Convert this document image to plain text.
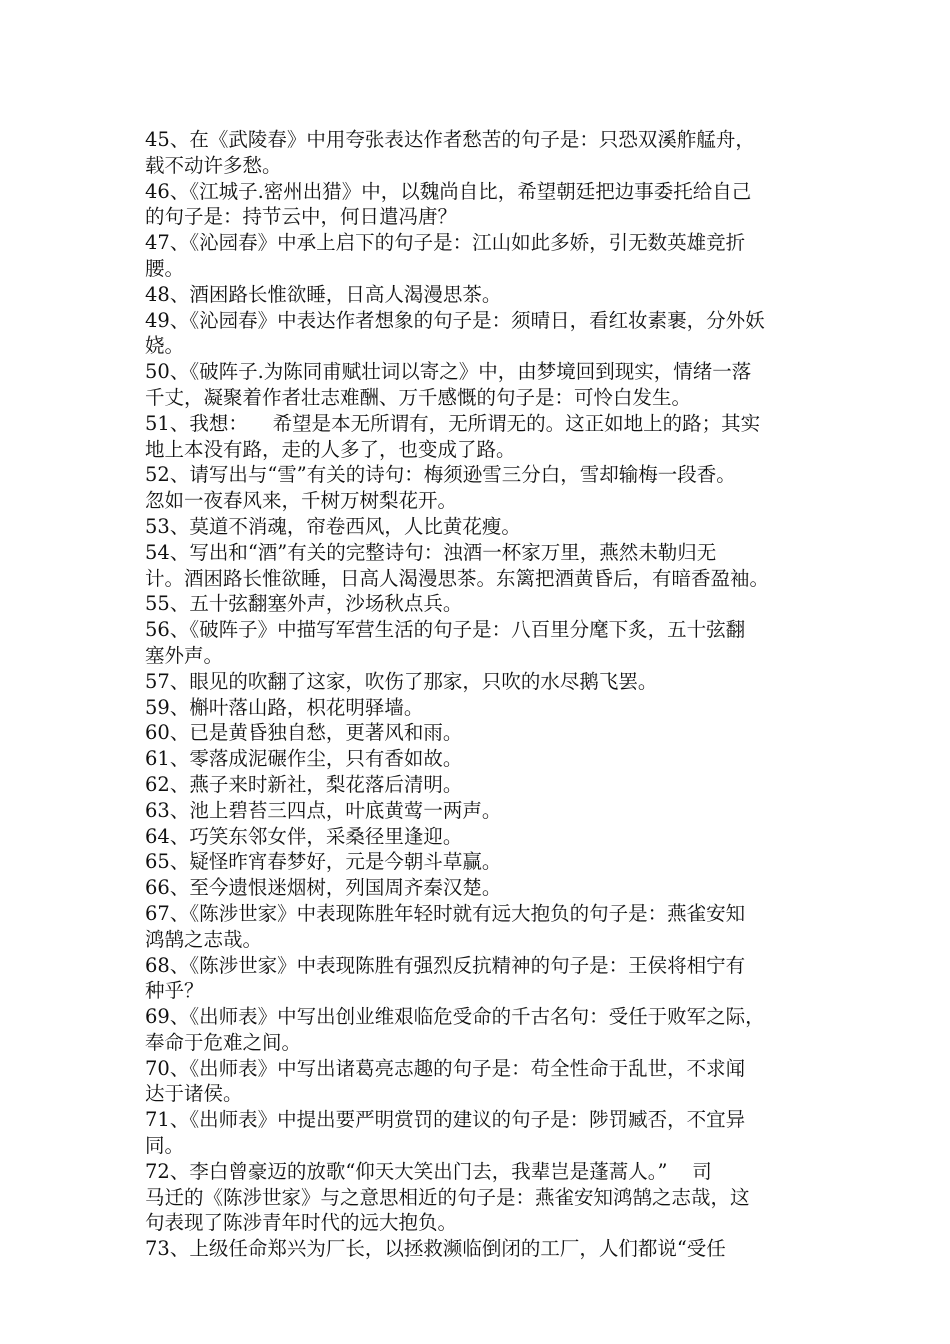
45、在《武陵春》中用夸张表达作者愁苦的句子是：只恐双溪舴艋舟，
载不动许多愁。
46、《江城子.密州出猎》中，以魏尚自比，希望朝廷把边事委托给自己
的句子是：持节云中，何日遣冯唐？
47、《沁园春》中承上启下的句子是：江山如此多娇，引无数英雄竞折
腰。
48、酒困路长惟欲睡，日高人渴漫思茶。
49、《沁园春》中表达作者想象的句子是：须晴日，看红妆素裹，分外妖
娆。
50、《破阵子.为陈同甫赋壮词以寄之》中，由梦境回到现实，情绪一落
千丈，凝聚着作者壮志难酬、万千感慨的句子是：可怜白发生。
51、我想：    希望是本无所谓有，无所谓无的。这正如地上的路；其实
地上本没有路，走的人多了，也变成了路。
52、请写出与“雪”有关的诗句：梅须逊雪三分白，雪却输梅一段香。
忽如一夜春风来，千树万树梨花开。
53、莫道不消魂，帘卷西风，人比黄花瘦。
54、写出和“酒”有关的完整诗句：浊酒一杯家万里，燕然未勒归无
计。酒困路长惟欲睡，日高人渴漫思茶。东篱把酒黄昏后，有暗香盈袖。
55、五十弦翻塞外声，沙场秋点兵。
56、《破阵子》中描写军营生活的句子是：八百里分麾下炙，五十弦翻
塞外声。
57、眼见的吹翻了这家，吹伤了那家，只吹的水尽鹅飞罢。
59、槲叶落山路，枳花明驿墙。
60、已是黄昏独自愁，更著风和雨。
61、零落成泥碾作尘，只有香如故。
62、燕子来时新社，梨花落后清明。
63、池上碧苔三四点，叶底黄莺一两声。
64、巧笑东邻女伴，采桑径里逢迎。
65、疑怪昨宵春梦好，元是今朝斗草赢。
66、至今遗恨迷烟树，列国周齐秦汉楚。
67、《陈涉世家》中表现陈胜年轻时就有远大抱负的句子是：燕雀安知
鸿鹄之志哉。
68、《陈涉世家》中表现陈胜有强烈反抗精神的句子是：王侯将相宁有
种乎？
69、《出师表》中写出创业维艰临危受命的千古名句：受任于败军之际，
奉命于危难之间。
70、《出师表》中写出诸葛亮志趣的句子是：苟全性命于乱世，不求闻
达于诸侯。
71、《出师表》中提出要严明赏罚的建议的句子是：陟罚臧否，不宜异
同。
72、李白曾豪迈的放歌“仰天大笑出门去，我辈岂是蓬蒿人。”    司
马迁的《陈涉世家》与之意思相近的句子是：燕雀安知鸿鹄之志哉，这
句表现了陈涉青年时代的远大抱负。
73、上级任命郑兴为厂长，以拯救濒临倒闭的工厂，人们都说“受任
